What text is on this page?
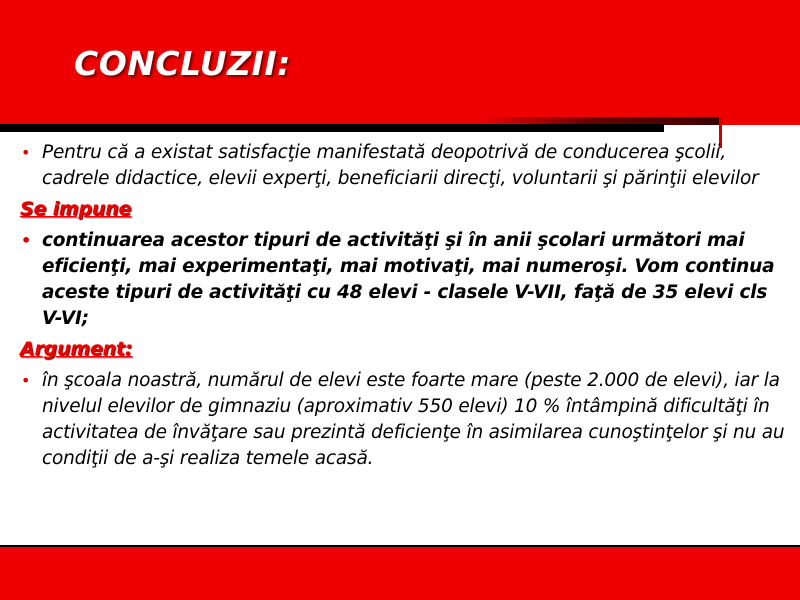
CONCLUZII:
• Pentru că a existat satisfacţie manifestată deopotrivă de conducerea şcolii, cadrele didactice, elevii experţi, beneficiarii direcţi, voluntarii şi părinţii elevilor
Se impune
• continuarea acestor tipuri de activităţi şi în anii şcolari următori mai eficienţi, mai experimentaţi, mai motivaţi, mai numeroşi. Vom continua aceste tipuri de activităţi cu 48 elevi - clasele V-VII, faţă de 35 elevi cls V-VI;
Argument:
• în şcoala noastră, numărul de elevi este foarte mare (peste 2.000 de elevi), iar la nivelul elevilor de gimnaziu (aproximativ 550 elevi) 10 % întâmpină dificultăţi în activitatea de învăţare sau prezintă deficienţe în asimilarea cunoştinţelor şi nu au condiţii de a-şi realiza temele acasă.
